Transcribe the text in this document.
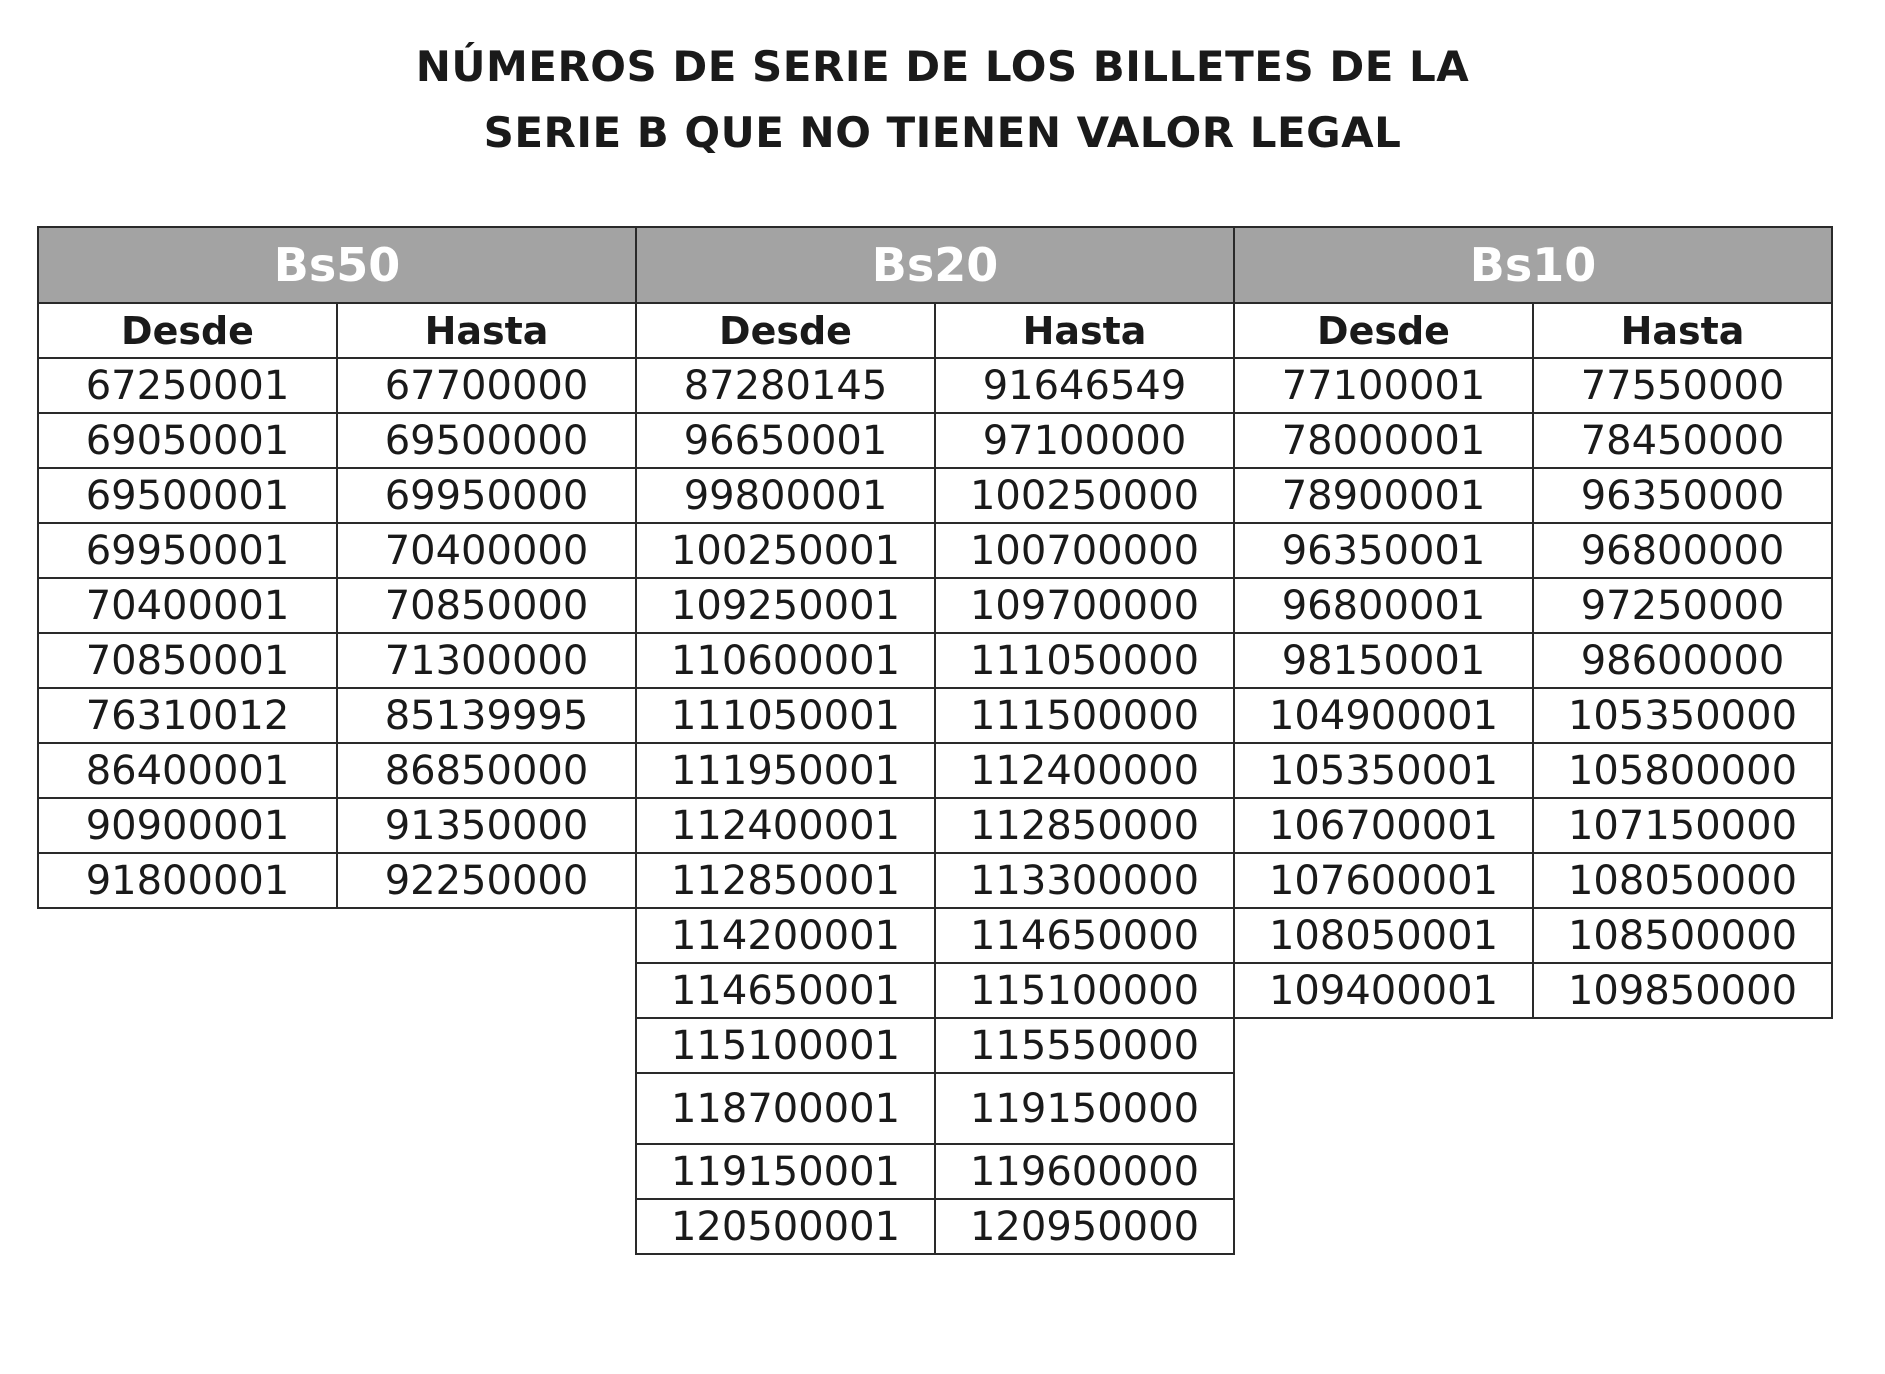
NÚMEROS DE SERIE DE LOS BILLETES DE LA
SERIE B QUE NO TIENEN VALOR LEGAL
Bs50	
Desde	Hasta
67250001	67700000
69050001	69500000
69500001	69950000
69950001	70400000
70400001	70850000
70850001	71300000
76310012	85139995
86400001	86850000
90900001	91350000
91800001	92250000
Bs20	
Desde	Hasta
87280145	91646549
96650001	97100000
99800001	100250000
100250001	100700000
109250001	109700000
110600001	111050000
111050001	111500000
111950001	112400000
112400001	112850000
112850001	113300000
114200001	114650000
114650001	115100000
115100001	115550000
118700001	119150000
119150001	119600000
120500001	120950000
Bs10	
Desde	Hasta
77100001	77550000
78000001	78450000
78900001	96350000
96350001	96800000
96800001	97250000
98150001	98600000
104900001	105350000
105350001	105800000
106700001	107150000
107600001	108050000
108050001	108500000
109400001	109850000
